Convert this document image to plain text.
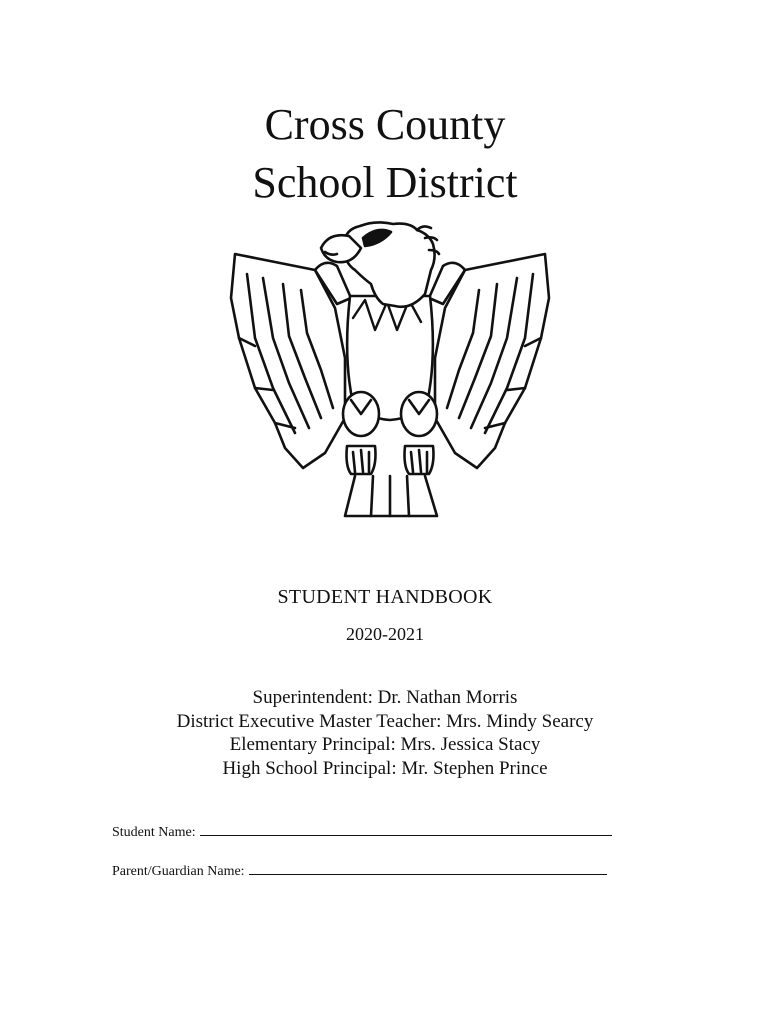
Cross County
School District
STUDENT HANDBOOK
2020-2021
Superintendent: Dr. Nathan Morris
District Executive Master Teacher: Mrs. Mindy Searcy
Elementary Principal: Mrs. Jessica Stacy
High School Principal: Mr. Stephen Prince
Student Name:
Parent/Guardian Name:
